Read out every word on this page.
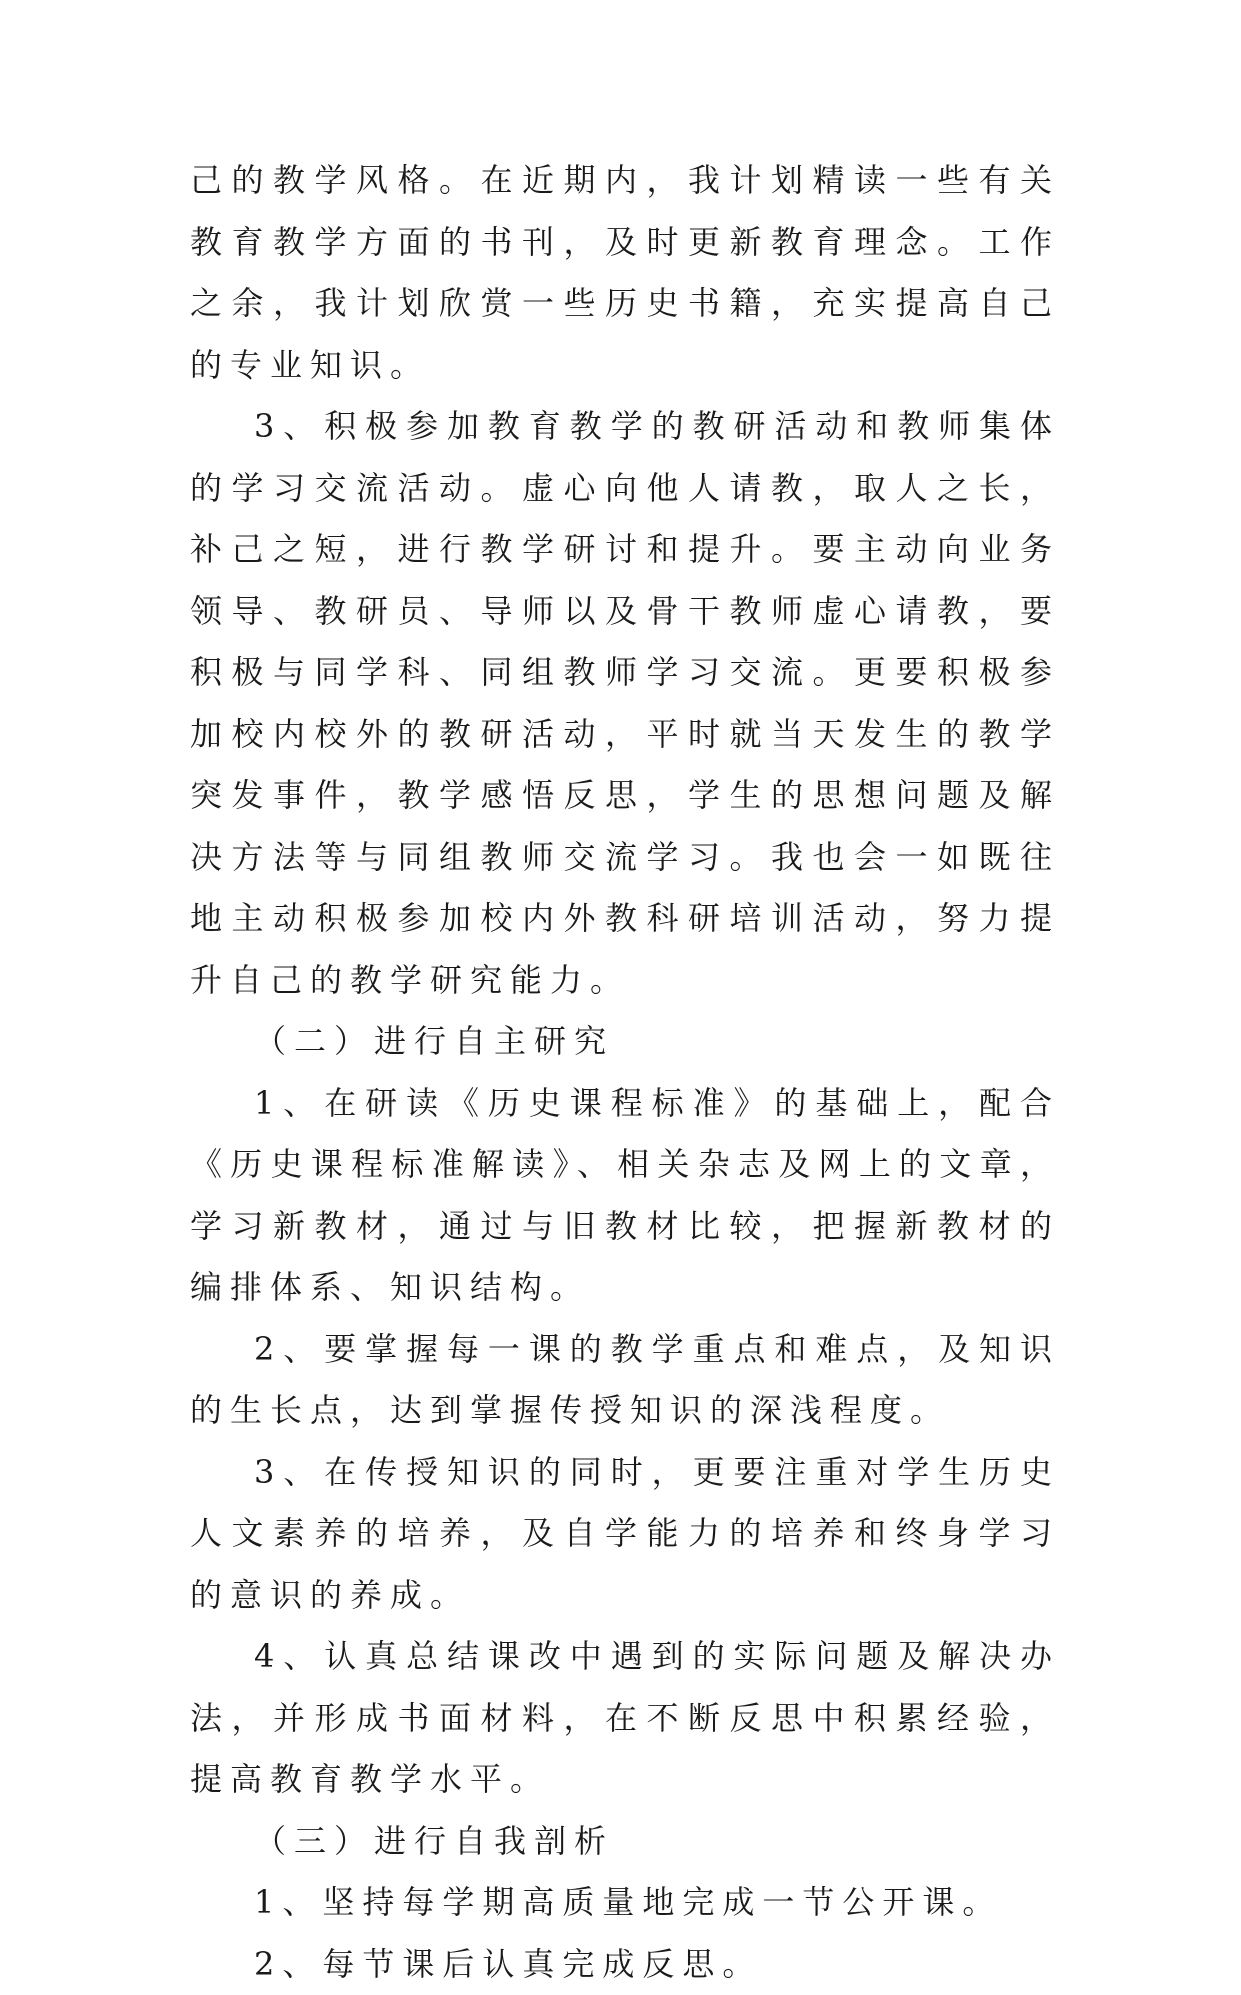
己的教学风格。在近期内，我计划精读一些有关教育教学方面的书刊，及时更新教育理念。工作之余，我计划欣赏一些历史书籍，充实提高自己的专业知识。

3、积极参加教育教学的教研活动和教师集体的学习交流活动。虚心向他人请教，取人之长，补己之短，进行教学研讨和提升。要主动向业务领导、教研员、导师以及骨干教师虚心请教，要积极与同学科、同组教师学习交流。更要积极参加校内校外的教研活动，平时就当天发生的教学突发事件，教学感悟反思，学生的思想问题及解决方法等与同组教师交流学习。我也会一如既往地主动积极参加校内外教科研培训活动，努力提升自己的教学研究能力。

（二）进行自主研究

1、在研读《历史课程标准》的基础上，配合《历史课程标准解读》、相关杂志及网上的文章，学习新教材，通过与旧教材比较，把握新教材的编排体系、知识结构。

2、要掌握每一课的教学重点和难点，及知识的生长点，达到掌握传授知识的深浅程度。

3、在传授知识的同时，更要注重对学生历史人文素养的培养，及自学能力的培养和终身学习的意识的养成。

4、认真总结课改中遇到的实际问题及解决办法，并形成书面材料，在不断反思中积累经验，提高教育教学水平。

（三）进行自我剖析

1、坚持每学期高质量地完成一节公开课。

2、每节课后认真完成反思。
